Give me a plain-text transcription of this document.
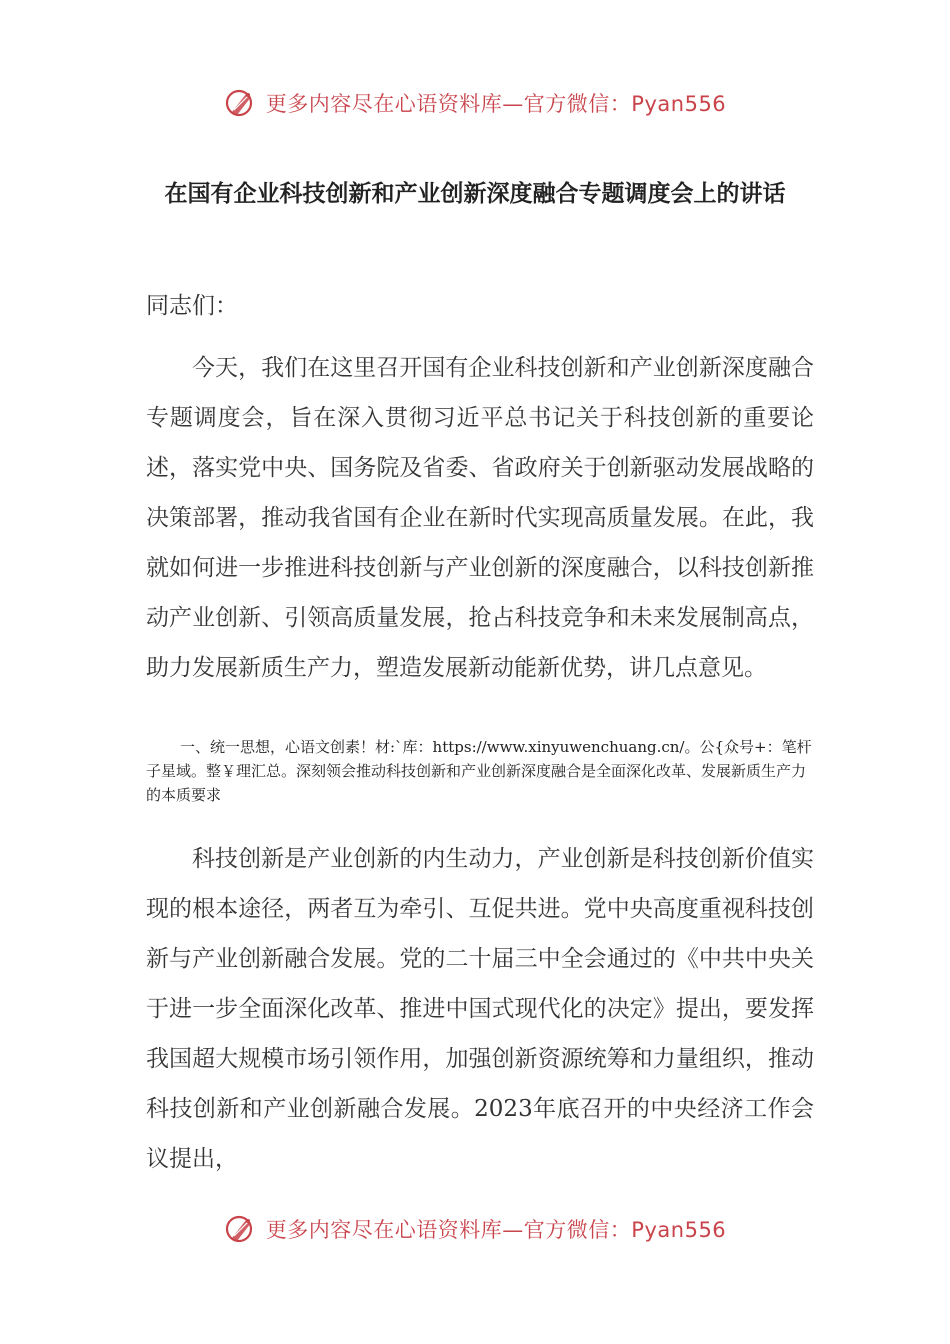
更多内容尽在心语资料库—官方微信：Pyan556
在国有企业科技创新和产业创新深度融合专题调度会上的讲话
同志们：

今天，我们在这里召开国有企业科技创新和产业创新深度融合专题调度会，旨在深入贯彻习近平总书记关于科技创新的重要论述，落实党中央、国务院及省委、省政府关于创新驱动发展战略的决策部署，推动我省国有企业在新时代实现高质量发展。在此，我就如何进一步推进科技创新与产业创新的深度融合，以科技创新推动产业创新、引领高质量发展，抢占科技竞争和未来发展制高点，助力发展新质生产力，塑造发展新动能新优势，讲几点意见。

一、统一思想，心语文创素！材:`库：https://www.xinyuwenchuang.cn/。公{众号+：笔杆子星域。整￥理汇总。深刻领会推动科技创新和产业创新深度融合是全面深化改革、发展新质生产力的本质要求

科技创新是产业创新的内生动力，产业创新是科技创新价值实现的根本途径，两者互为牵引、互促共进。党中央高度重视科技创新与产业创新融合发展。党的二十届三中全会通过的《中共中央关于进一步全面深化改革、推进中国式现代化的决定》提出，要发挥我国超大规模市场引领作用，加强创新资源统筹和力量组织，推动科技创新和产业创新融合发展。2023年底召开的中央经济工作会议提出，

更多内容尽在心语资料库—官方微信：Pyan556
